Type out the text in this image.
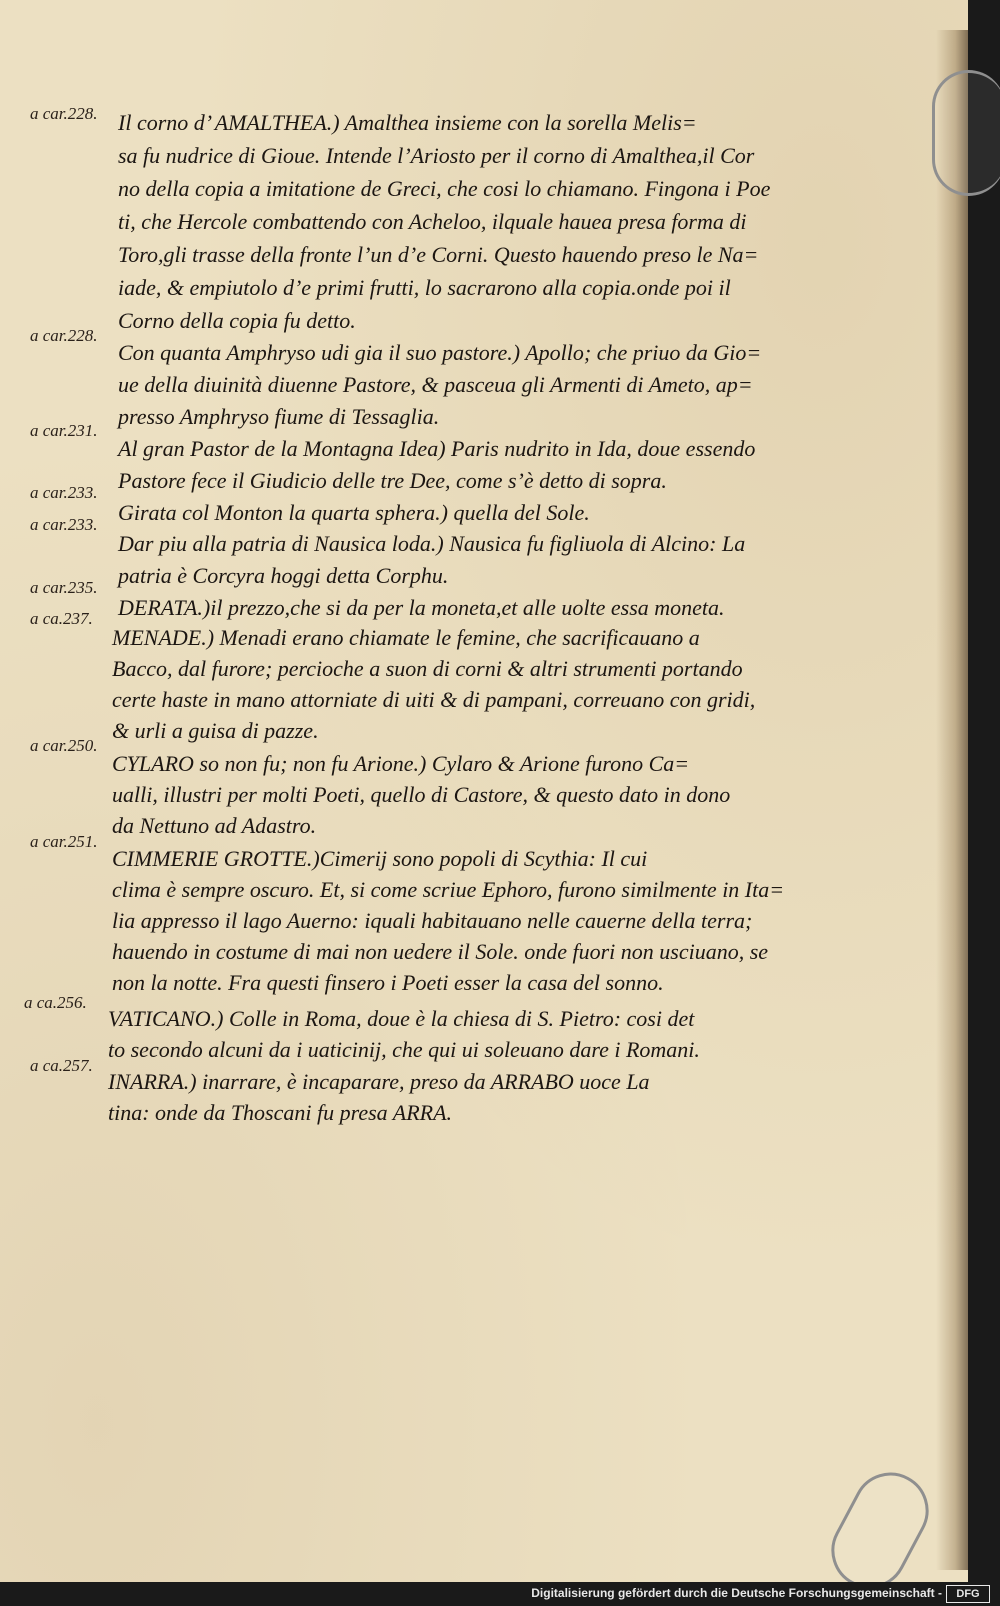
a car.228. Il corno d’ AMALTHEA.) Amalthea insieme con la sorella Melis=
sa fu nudrice di Gioue. Intende l’Ariosto per il corno di Amalthea,il Cor
no della copia a imitatione de Greci, che cosi lo chiamano. Fingona i Poe
ti, che Hercole combattendo con Acheloo, ilquale hauea presa forma di
Toro,gli trasse della fronte l’un d’e Corni. Questo hauendo preso le Na=
iade, & empiutolo d’e primi frutti, lo sacrarono alla copia.onde poi il
Corno della copia fu detto.
a car.228.
Con quanta Amphryso udi gia il suo pastore.) Apollo; che priuo da Gio=
ue della diuinità diuenne Pastore, & pasceua gli Armenti di Ameto, ap=
presso Amphryso fiume di Tessaglia.
a car.231.
Al gran Pastor de la Montagna Idea) Paris nudrito in Ida, doue essendo
Pastore fece il Giudicio delle tre Dee, come s’è detto di sopra.
a car.233.
Girata col Monton la quarta sphera.) quella del Sole.
a car.233.
Dar piu alla patria di Nausica loda.) Nausica fu figliuola di Alcino: La
patria è Corcyra hoggi detta Corphu.
a car.235.
DERATA.)il prezzo,che si da per la moneta,et alle uolte essa moneta.
a ca.237.
MENADE.) Menadi erano chiamate le femine, che sacrificauano a
Bacco, dal furore; percioche a suon di corni & altri strumenti portando
certe haste in mano attorniate di uiti & di pampani, correuano con gridi,
& urli a guisa di pazze.
a car.250.
CYLARO so non fu; non fu Arione.) Cylaro & Arione furono Ca=
ualli, illustri per molti Poeti, quello di Castore, & questo dato in dono
da Nettuno ad Adastro.
a car.251.
CIMMERIE GROTTE.)Cimerij sono popoli di Scythia: Il cui
clima è sempre oscuro. Et, si come scriue Ephoro, furono similmente in Ita=
lia appresso il lago Auerno: iquali habitauano nelle cauerne della terra;
hauendo in costume di mai non uedere il Sole. onde fuori non usciuano, se
non la notte. Fra questi finsero i Poeti esser la casa del sonno.
a ca.256.
VATICANO.) Colle in Roma, doue è la chiesa di S. Pietro: cosi det
to secondo alcuni da i uaticinij, che qui ui soleuano dare i Romani.
a ca.257.
INARRA.) inarrare, è incaparare, preso da ARRABO uoce La
tina: onde da Thoscani fu presa ARRA.
Digitalisierung gefördert durch die Deutsche Forschungsgemeinschaft -	DFG
